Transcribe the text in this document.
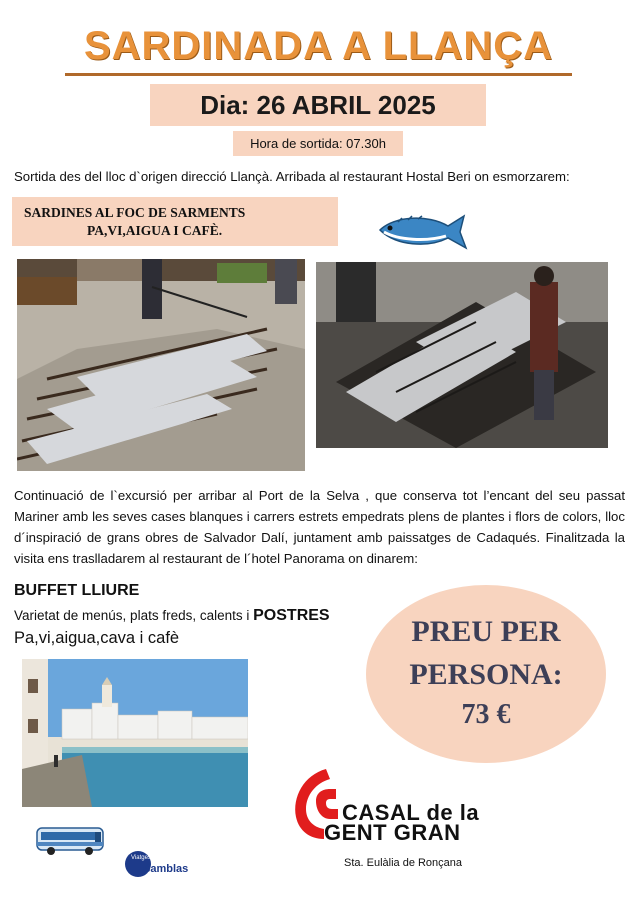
SARDINADA A LLANÇA
Dia: 26 ABRIL 2025
Hora de sortida: 07.30h
Sortida des del lloc d`origen direcció Llançà. Arribada al restaurant Hostal Beri on esmorzarem:
SARDINES AL FOC DE SARMENTS
PA,VI,AIGUA I CAFÈ.
Continuació de l`excursió per arribar al Port de la Selva , que conserva tot l’encant del seu passat Mariner amb les seves cases blanques i carrers estrets empedrats plens de plantes i flors de colors, lloc d´inspiració de grans obres de Salvador Dalí, juntament amb paissatges de Cadaqués. Finalitzada la visita ens traslladarem al restaurant de l´hotel Panorama on dinarem:
BUFFET LLIURE
Varietat de menús, plats freds, calents i POSTRES
Pa,vi,aigua,cava i cafè	PREU PER
PERSONA:
73 €
Viatges
Samblas
CASAL de la
GENT GRAN
Sta. Eulàlia de Ronçana
